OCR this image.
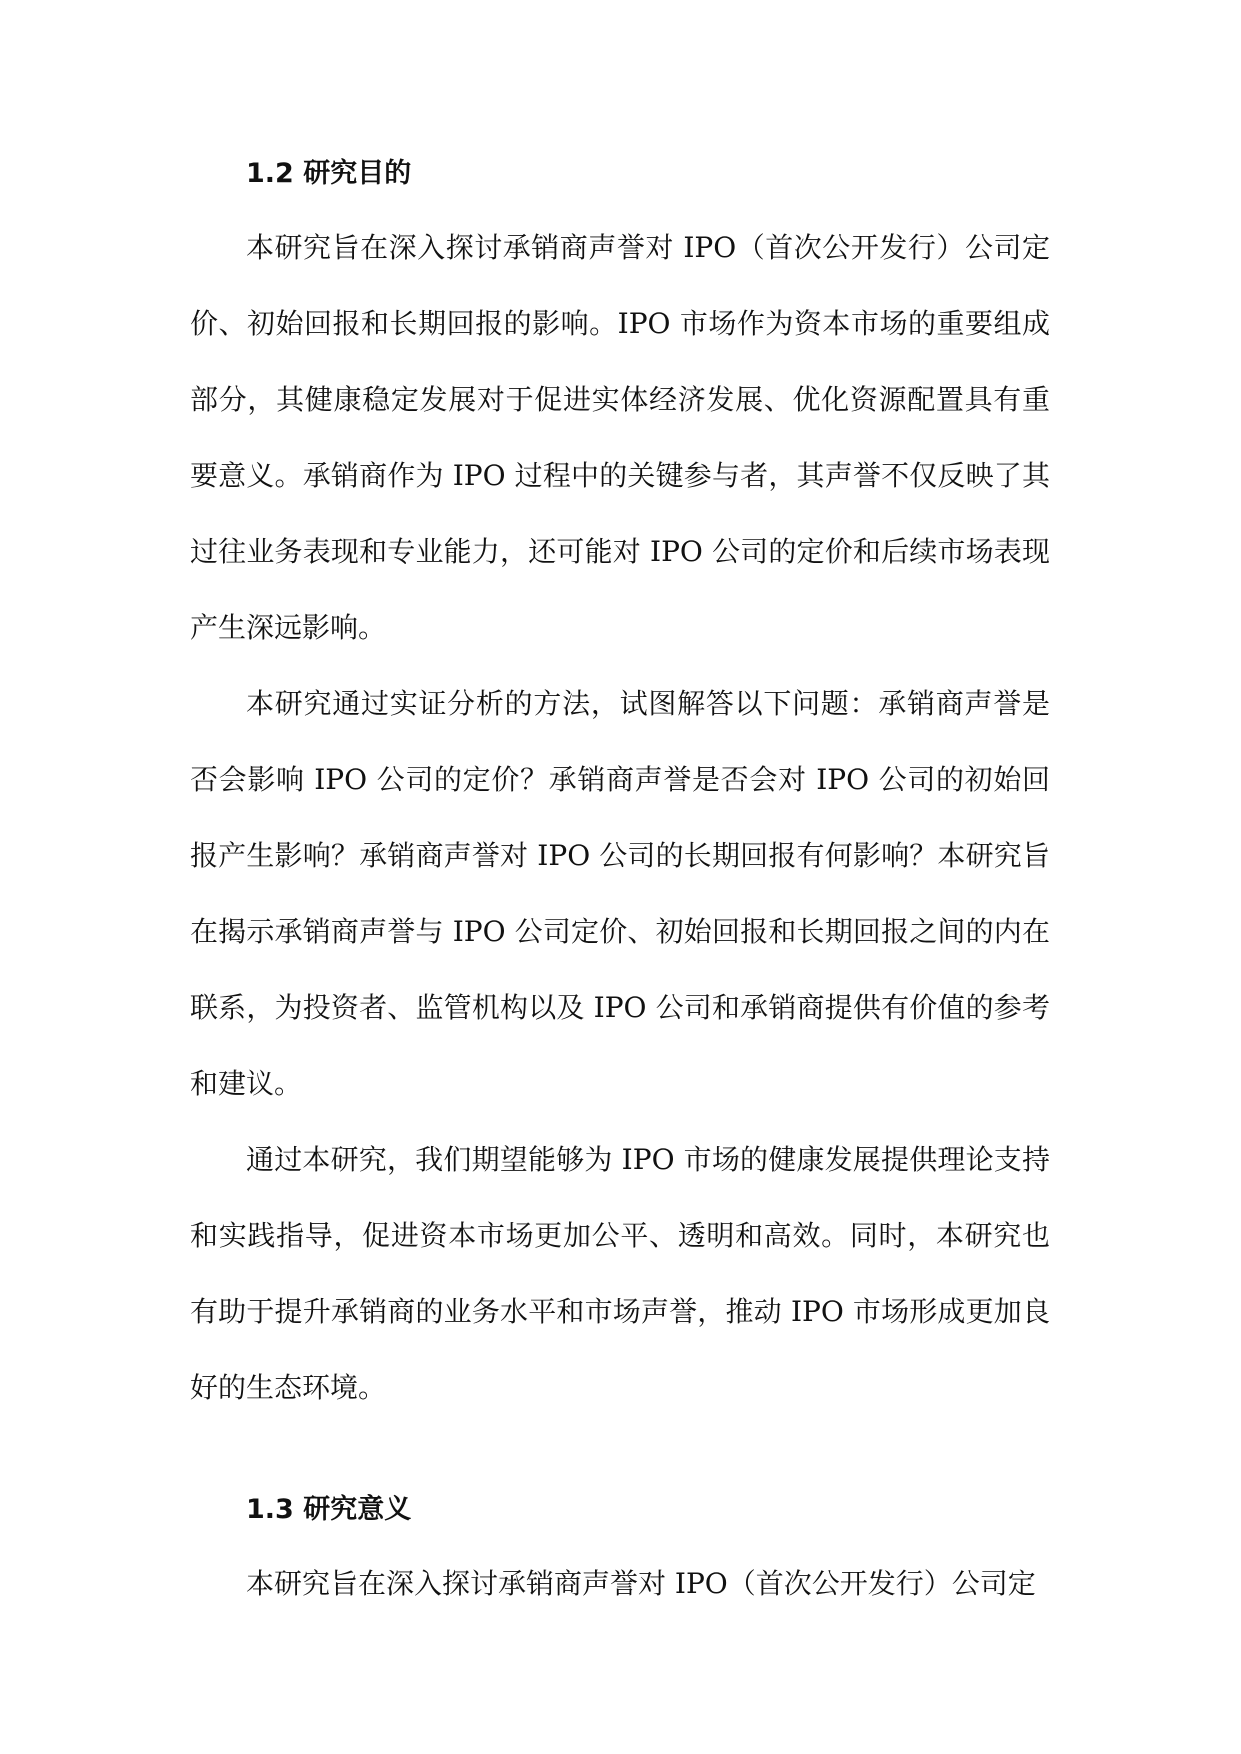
1.2 研究目的

本研究旨在深入探讨承销商声誉对 IPO（首次公开发行）公司定价、初始回报和长期回报的影响。IPO 市场作为资本市场的重要组成部分，其健康稳定发展对于促进实体经济发展、优化资源配置具有重要意义。承销商作为 IPO 过程中的关键参与者，其声誉不仅反映了其过往业务表现和专业能力，还可能对 IPO 公司的定价和后续市场表现产生深远影响。

本研究通过实证分析的方法，试图解答以下问题：承销商声誉是否会影响 IPO 公司的定价？承销商声誉是否会对 IPO 公司的初始回报产生影响？承销商声誉对 IPO 公司的长期回报有何影响？本研究旨在揭示承销商声誉与 IPO 公司定价、初始回报和长期回报之间的内在联系，为投资者、监管机构以及 IPO 公司和承销商提供有价值的参考和建议。

通过本研究，我们期望能够为 IPO 市场的健康发展提供理论支持和实践指导，促进资本市场更加公平、透明和高效。同时，本研究也有助于提升承销商的业务水平和市场声誉，推动 IPO 市场形成更加良好的生态环境。

1.3 研究意义

本研究旨在深入探讨承销商声誉对 IPO（首次公开发行）公司定
